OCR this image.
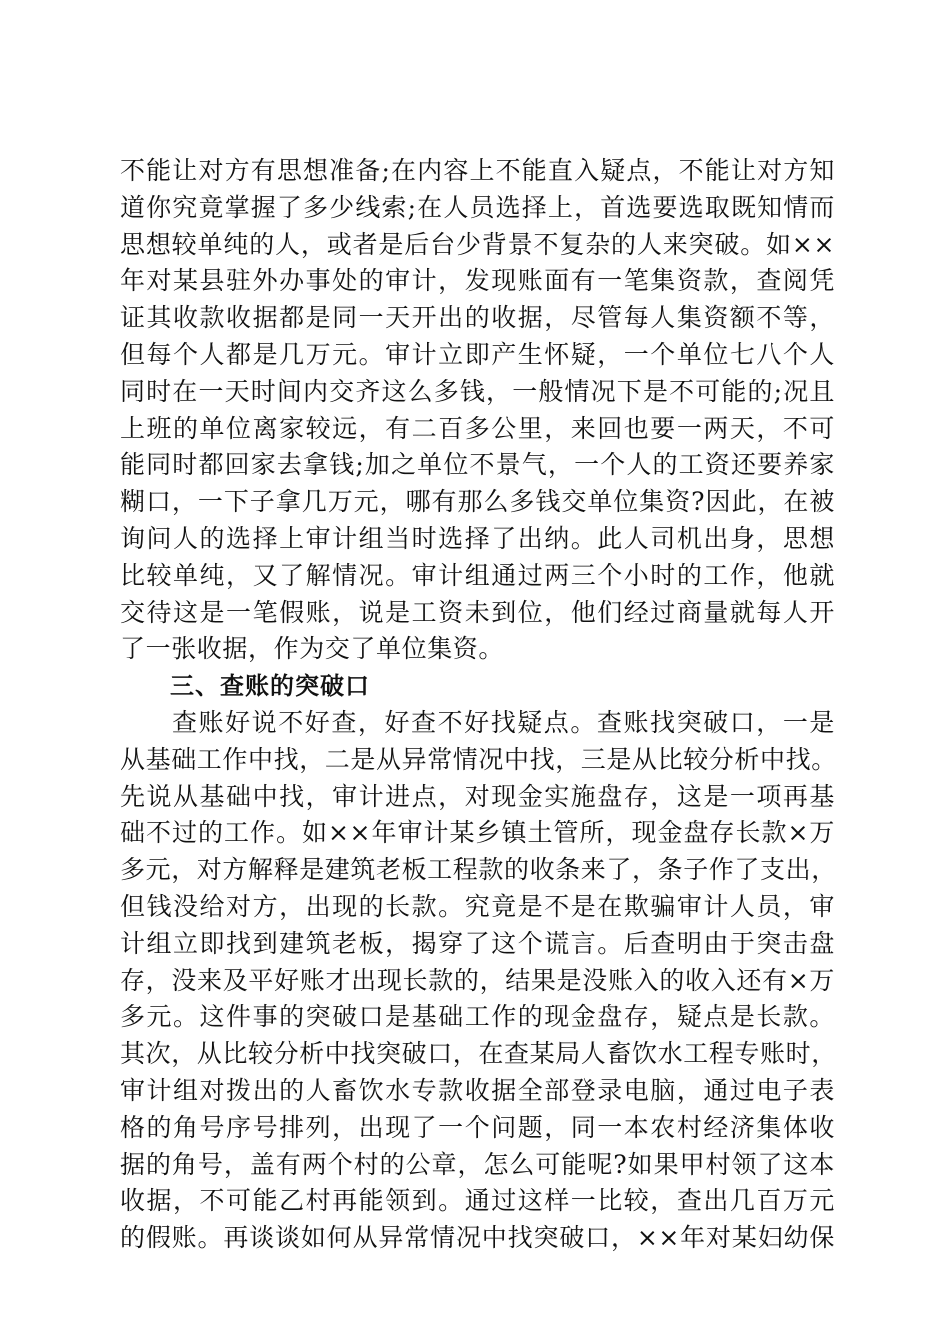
不能让对方有思想准备;在内容上不能直入疑点，不能让对方知
道你究竟掌握了多少线索;在人员选择上，首选要选取既知情而
思想较单纯的人，或者是后台少背景不复杂的人来突破。如××
年对某县驻外办事处的审计，发现账面有一笔集资款，查阅凭
证其收款收据都是同一天开出的收据，尽管每人集资额不等，
但每个人都是几万元。审计立即产生怀疑，一个单位七八个人
同时在一天时间内交齐这么多钱，一般情况下是不可能的;况且
上班的单位离家较远，有二百多公里，来回也要一两天，不可
能同时都回家去拿钱;加之单位不景气，一个人的工资还要养家
糊口，一下子拿几万元，哪有那么多钱交单位集资?因此，在被
询问人的选择上审计组当时选择了出纳。此人司机出身，思想
比较单纯，又了解情况。审计组通过两三个小时的工作，他就
交待这是一笔假账，说是工资未到位，他们经过商量就每人开
了一张收据，作为交了单位集资。
三、查账的突破口
查账好说不好查，好查不好找疑点。查账找突破口，一是
从基础工作中找，二是从异常情况中找，三是从比较分析中找。
先说从基础中找，审计进点，对现金实施盘存，这是一项再基
础不过的工作。如××年审计某乡镇土管所，现金盘存长款×万
多元，对方解释是建筑老板工程款的收条来了，条子作了支出，
但钱没给对方，出现的长款。究竟是不是在欺骗审计人员，审
计组立即找到建筑老板，揭穿了这个谎言。后查明由于突击盘
存，没来及平好账才出现长款的，结果是没账入的收入还有×万
多元。这件事的突破口是基础工作的现金盘存，疑点是长款。
其次，从比较分析中找突破口，在查某局人畜饮水工程专账时，
审计组对拨出的人畜饮水专款收据全部登录电脑，通过电子表
格的角号序号排列，出现了一个问题，同一本农村经济集体收
据的角号，盖有两个村的公章，怎么可能呢?如果甲村领了这本
收据，不可能乙村再能领到。通过这样一比较，查出几百万元
的假账。再谈谈如何从异常情况中找突破口，××年对某妇幼保
